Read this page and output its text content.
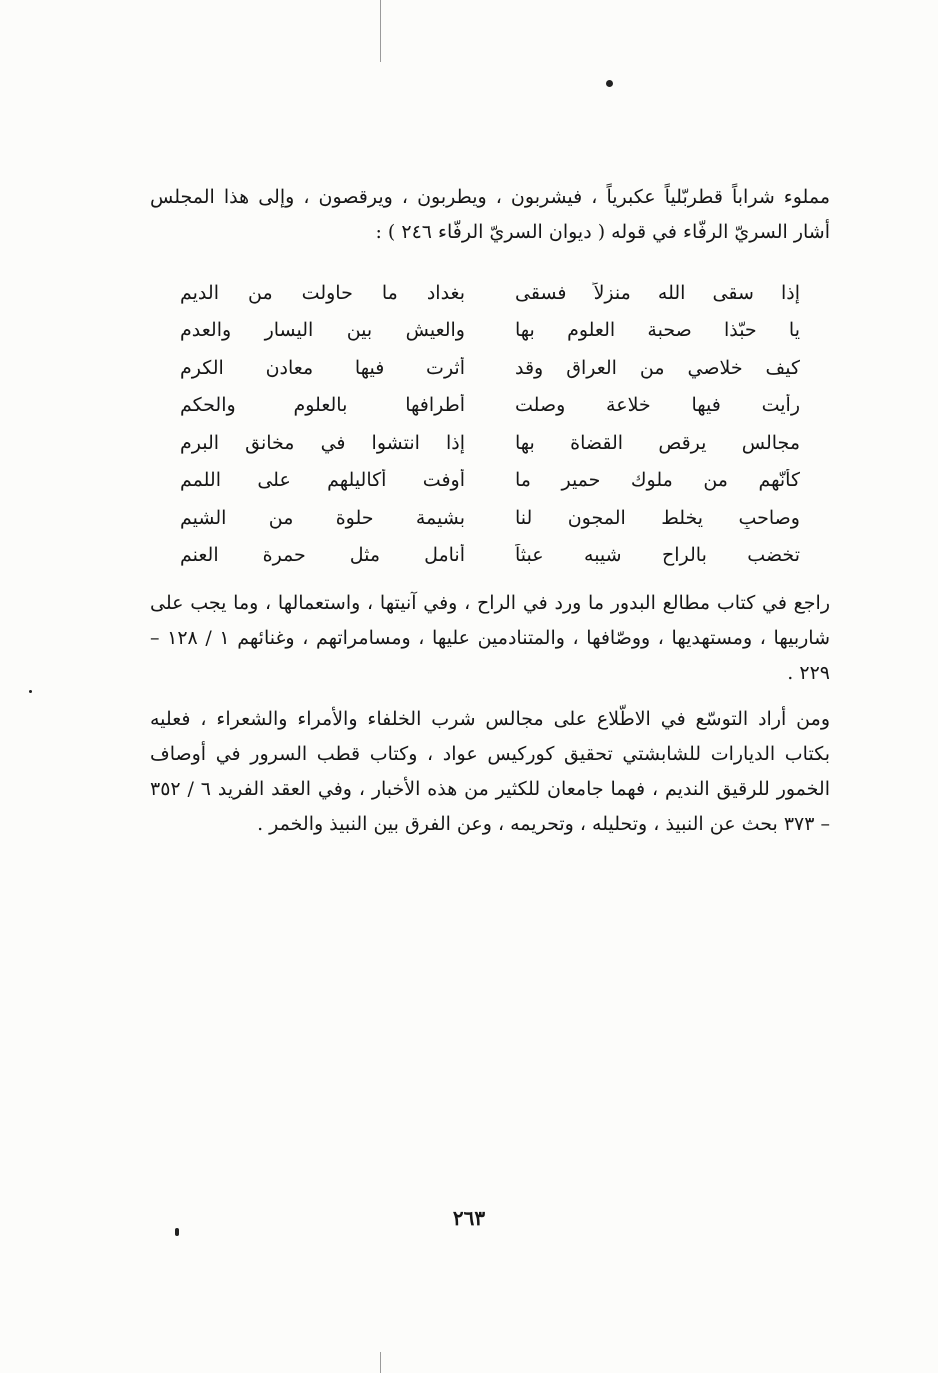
مملوء شراباً قطربّلياً عكبرياً ، فيشربون ، ويطربون ، ويرقصون ، وإلى هذا المجلس أشار السريّ الرفّاء في قوله ( ديوان السريّ الرفّاء ٢٤٦ ) :

إذا سقى الله منزلاً فسقى
بغداد ما حاولت من الديم
يا حبّذا صحبة العلوم بها
والعيش بين اليسار والعدم
كيف خلاصي من العراق وقد
أثرت فيها معادن الكرم
رأيت فيها خلاعة وصلت
أطرافها بالعلوم والحكم
مجالس يرقص القضاة بها
إذا انتشوا في مخانق البرم
كأنّهم من ملوك حمير ما
أوفت أكاليلهم على اللمم
وصاحبٍ يخلط المجون لنا
بشيمة حلوة من الشيم
تخضب بالراح شيبه عبثاً
أنامل مثل حمرة العنم

راجع في كتاب مطالع البدور ما ورد في الراح ، وفي آنيتها ، واستعمالها ، وما يجب على شاربيها ، ومستهديها ، ووصّافها ، والمتنادمين عليها ، ومسامراتهم ، وغنائهم ١ / ١٢٨ – ٢٢٩ .

ومن أراد التوسّع في الاطّلاع على مجالس شرب الخلفاء والأمراء والشعراء ، فعليه بكتاب الديارات للشابشتي تحقيق كوركيس عواد ، وكتاب قطب السرور في أوصاف الخمور للرقيق النديم ، فهما جامعان للكثير من هذه الأخبار ، وفي العقد الفريد ٦ / ٣٥٢ – ٣٧٣ بحث عن النبيذ ، وتحليله ، وتحريمه ، وعن الفرق بين النبيذ والخمر .

٢٦٣
